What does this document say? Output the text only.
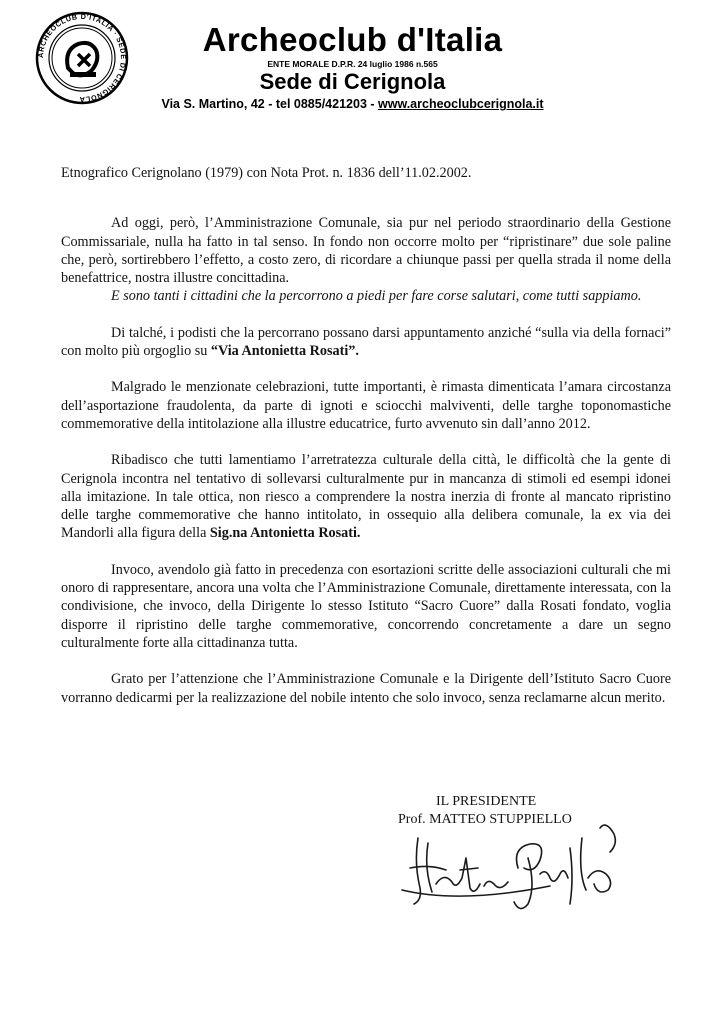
ARCHEOCLUB D'ITALIA · SEDE DI CERIGNOLA
Archeoclub d'Italia
ENTE MORALE D.P.R. 24 luglio 1986 n.565
Sede di Cerignola
Via S. Martino, 42 - tel 0885/421203 - www.archeoclubcerignola.it

Etnografico Cerignolano (1979) con Nota Prot. n. 1836 dell’11.02.2002.

Ad oggi, però, l’Amministrazione Comunale, sia pur nel periodo straordinario della Gestione Commissariale, nulla ha fatto in tal senso. In fondo non occorre molto per “ripristinare” due sole paline che, però, sortirebbero l’effetto, a costo zero, di ricordare a chiunque passi per quella strada il nome della benefattrice, nostra illustre concittadina.

E sono tanti i cittadini che la percorrono a piedi per fare corse salutari, come tutti sappiamo.

Di talché, i podisti che la percorrano possano darsi appuntamento anziché “sulla via della fornaci” con molto più orgoglio su “Via Antonietta Rosati”.

Malgrado le menzionate celebrazioni, tutte importanti, è rimasta dimenticata l’amara circostanza dell’asportazione fraudolenta, da parte di ignoti e sciocchi malviventi, delle targhe toponomastiche commemorative della intitolazione alla illustre educatrice, furto avvenuto sin dall’anno 2012.

Ribadisco che tutti lamentiamo l’arretratezza culturale della città, le difficoltà che la gente di Cerignola incontra nel tentativo di sollevarsi culturalmente pur in mancanza di stimoli ed esempi idonei alla imitazione. In tale ottica, non riesco a comprendere la nostra inerzia di fronte al mancato ripristino delle targhe commemorative che hanno intitolato, in ossequio alla delibera comunale, la ex via dei Mandorli alla figura della Sig.na Antonietta Rosati.

Invoco, avendolo già fatto in precedenza con esortazioni scritte delle associazioni culturali che mi onoro di rappresentare, ancora una volta che l’Amministrazione Comunale, direttamente interessata, con la condivisione, che invoco, della Dirigente lo stesso Istituto “Sacro Cuore” dalla Rosati fondato, voglia disporre il ripristino delle targhe commemorative, concorrendo concretamente a dare un segno culturalmente forte alla cittadinanza tutta.

Grato per l’attenzione che l’Amministrazione Comunale e la Dirigente dell’Istituto Sacro Cuore vorranno dedicarmi per la realizzazione del nobile intento che solo invoco, senza reclamarne alcun merito.

IL PRESIDENTE
Prof. MATTEO STUPPIELLO
Matteo Stuppiello
